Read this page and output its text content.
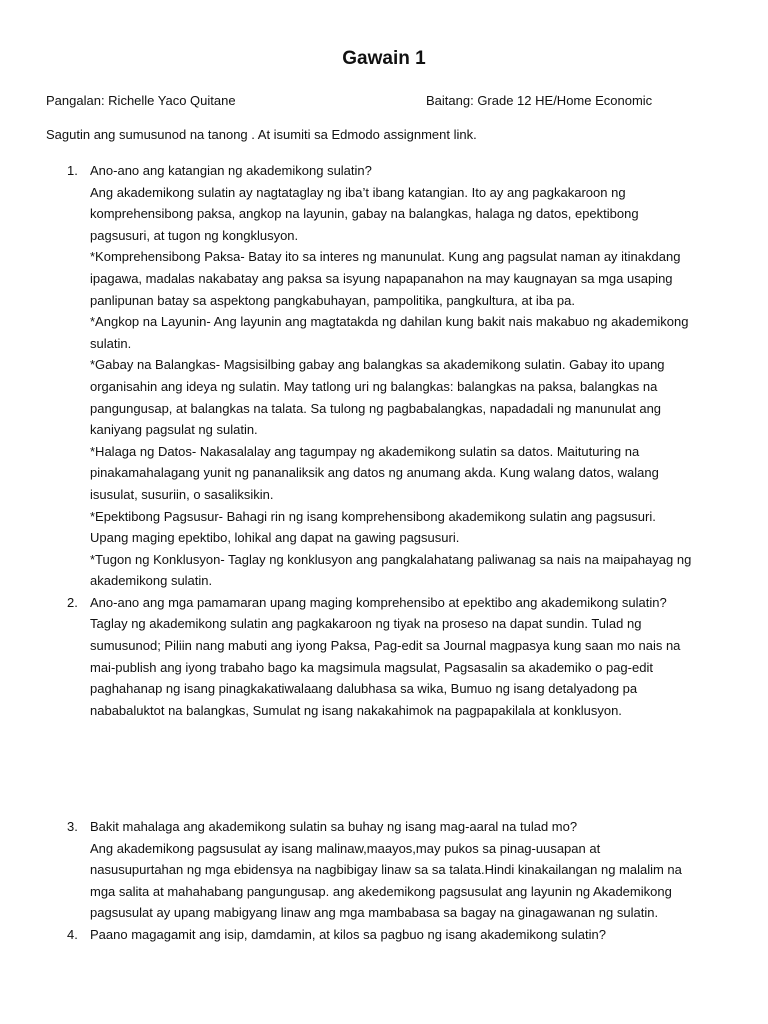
Gawain 1
Pangalan: Richelle Yaco Quitane	Baitang: Grade 12 HE/Home Economic
Sagutin ang sumusunod na tanong . At isumiti sa Edmodo assignment link.
1. Ano-ano ang katangian ng akademikong sulatin?
Ang akademikong sulatin ay nagtataglay ng iba’t ibang katangian. Ito ay ang pagkakaroon ng
komprehensibong paksa, angkop na layunin, gabay na balangkas, halaga ng datos, epektibong
pagsusuri, at tugon ng kongklusyon.
*Komprehensibong Paksa- Batay ito sa interes ng manunulat. Kung ang pagsulat naman ay itinakdang
ipagawa, madalas nakabatay ang paksa sa isyung napapanahon na may kaugnayan sa mga usaping
panlipunan batay sa aspektong pangkabuhayan, pampolitika, pangkultura, at iba pa.
*Angkop na Layunin- Ang layunin ang magtatakda ng dahilan kung bakit nais makabuo ng akademikong
sulatin.
*Gabay na Balangkas- Magsisilbing gabay ang balangkas sa akademikong sulatin. Gabay ito upang
organisahin ang ideya ng sulatin. May tatlong uri ng balangkas: balangkas na paksa, balangkas na
pangungusap, at balangkas na talata. Sa tulong ng pagbabalangkas, napadadali ng manunulat ang
kaniyang pagsulat ng sulatin.
*Halaga ng Datos- Nakasalalay ang tagumpay ng akademikong sulatin sa datos. Maituturing na
pinakamahalagang yunit ng pananaliksik ang datos ng anumang akda. Kung walang datos, walang
isusulat, susuriin, o sasaliksikin.
*Epektibong Pagsusur- Bahagi rin ng isang komprehensibong akademikong sulatin ang pagsusuri.
Upang maging epektibo, lohikal ang dapat na gawing pagsusuri.
*Tugon ng Konklusyon- Taglay ng konklusyon ang pangkalahatang paliwanag sa nais na maipahayag ng
akademikong sulatin.
2. Ano-ano ang mga pamamaran upang maging komprehensibo at epektibo ang akademikong sulatin?
Taglay ng akademikong sulatin ang pagkakaroon ng tiyak na proseso na dapat sundin. Tulad ng
sumusunod; Piliin nang mabuti ang iyong Paksa, Pag-edit sa Journal magpasya kung saan mo nais na
mai-publish ang iyong trabaho bago ka magsimula magsulat, Pagsasalin sa akademiko o pag-edit
paghahanap ng isang pinagkakatiwalaang dalubhasa sa wika, Bumuo ng isang detalyadong pa
nababaluktot na balangkas, Sumulat ng isang nakakahimok na pagpapakilala at konklusyon.
3. Bakit mahalaga ang akademikong sulatin sa buhay ng isang mag-aaral na tulad mo?
Ang akademikong pagsusulat ay isang malinaw,maayos,may pukos sa pinag-uusapan at
nasusupurtahan ng mga ebidensya na nagbibigay linaw sa sa talata.Hindi kinakailangan ng malalim na
mga salita at mahahabang pangungusap. ang akedemikong pagsusulat ang layunin ng Akademikong
pagsusulat ay upang mabigyang linaw ang mga mambabasa sa bagay na ginagawanan ng sulatin.
4. Paano magagamit ang isip, damdamin, at kilos sa pagbuo ng isang akademikong sulatin?
